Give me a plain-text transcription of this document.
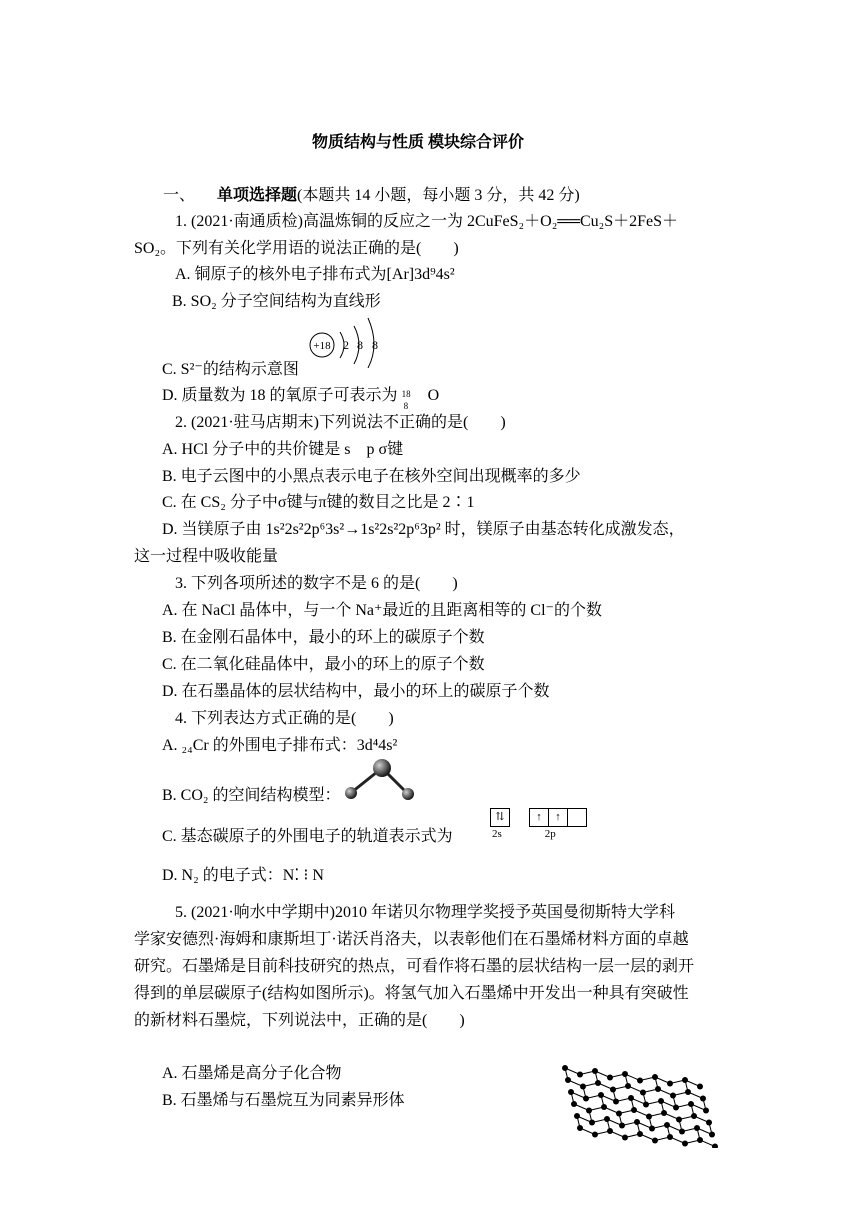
物质结构与性质 模块综合评价
一、 单项选择题(本题共 14 小题，每小题 3 分，共 42 分)
1. (2021·南通质检)高温炼铜的反应之一为 2CuFeS₂＋O₂══Cu₂S＋2FeS＋
SO₂。下列有关化学用语的说法正确的是(　　)
A. 铜原子的核外电子排布式为[Ar]3d⁹4s²
B. SO₂ 分子空间结构为直线形
+18 2 8 8
C. S²⁻的结构示意图
D. 质量数为 18 的氧原子可表示为 18
8
O
2. (2021·驻马店期末)下列说法不正确的是(　　)
A. HCl 分子中的共价键是 s　p σ键
B. 电子云图中的小黑点表示电子在核外空间出现概率的多少
C. 在 CS₂ 分子中σ键与π键的数目之比是 2∶1
D. 当镁原子由 1s²2s²2p⁶3s²→1s²2s²2p⁶3p² 时，镁原子由基态转化成激发态，
这一过程中吸收能量
3. 下列各项所述的数字不是 6 的是(　　)
A. 在 NaCl 晶体中，与一个 Na⁺最近的且距离相等的 Cl⁻的个数
B. 在金刚石晶体中，最小的环上的碳原子个数
C. 在二氧化硅晶体中，最小的环上的原子个数
D. 在石墨晶体的层状结构中，最小的环上的碳原子个数
4. 下列表达方式正确的是(　　)
A. ₂₄Cr 的外围电子排布式：3d⁴4s²
B. CO₂ 的空间结构模型：
C. 基态碳原子的外围电子的轨道表示式为
⇅	↑ ↑
2s	2p
D. N₂ 的电子式：N⁚ ⁝ N
5. (2021·响水中学期中)2010 年诺贝尔物理学奖授予英国曼彻斯特大学科
学家安德烈·海姆和康斯坦丁·诺沃肖洛夫，以表彰他们在石墨烯材料方面的卓越
研究。石墨烯是目前科技研究的热点，可看作将石墨的层状结构一层一层的剥开
得到的单层碳原子(结构如图所示)。将氢气加入石墨烯中开发出一种具有突破性
的新材料石墨烷，下列说法中，正确的是(　　)
A. 石墨烯是高分子化合物
B. 石墨烯与石墨烷互为同素异形体
